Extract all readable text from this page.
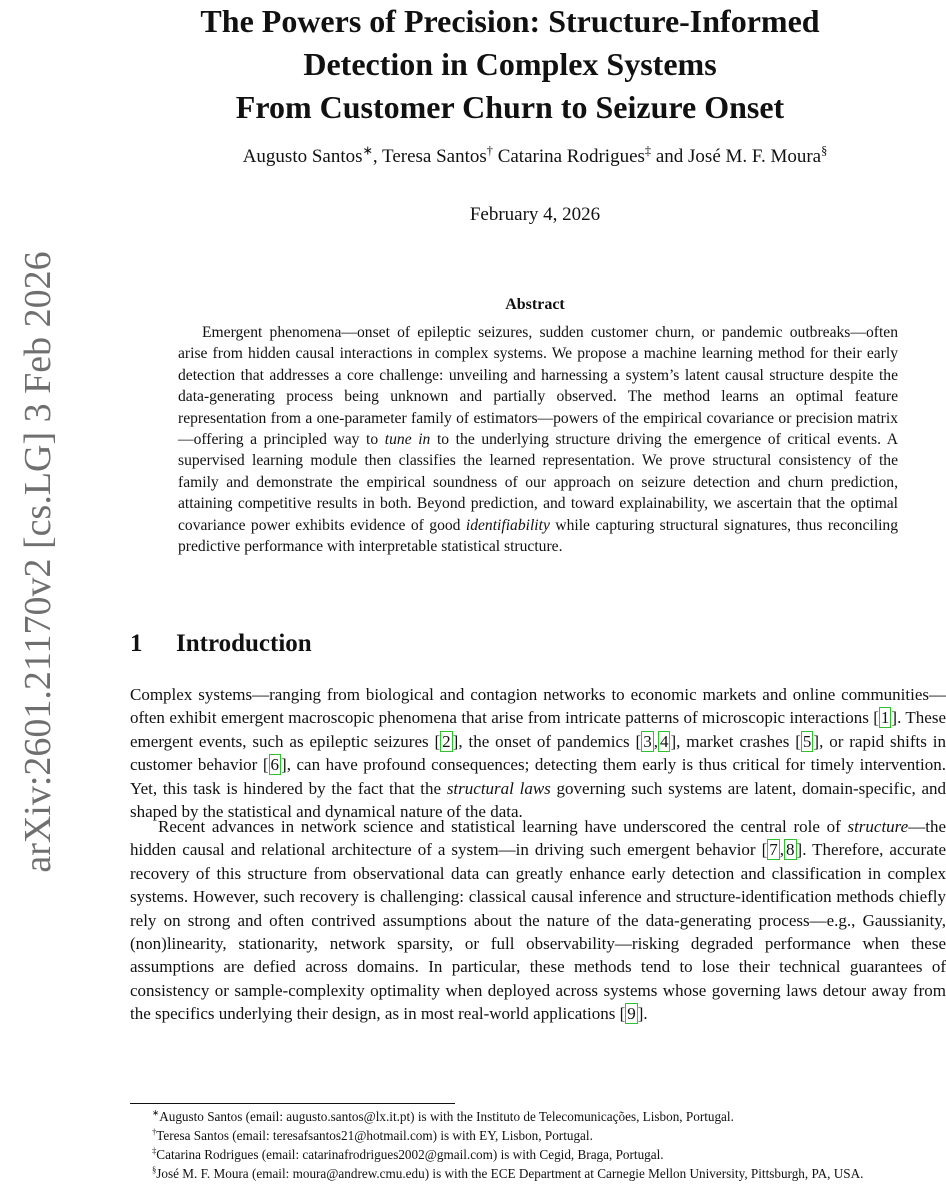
arXiv:2601.21170v2 [cs.LG] 3 Feb 2026
The Powers of Precision: Structure-Informed
Detection in Complex Systems
From Customer Churn to Seizure Onset
Augusto Santos∗, Teresa Santos† Catarina Rodrigues‡ and José M. F. Moura§
February 4, 2026
Abstract
Emergent phenomena—onset of epileptic seizures, sudden customer churn, or pandemic outbreaks—often arise from hidden causal interactions in complex systems. We propose a machine learning method for their early detection that addresses a core challenge: unveiling and harnessing a system’s latent causal structure despite the data-generating process being unknown and partially observed. The method learns an optimal feature representation from a one-parameter family of estimators—powers of the empirical covariance or precision matrix—offering a principled way to tune in to the underlying structure driving the emergence of critical events. A supervised learning module then classifies the learned representation. We prove structural consistency of the family and demonstrate the empirical soundness of our approach on seizure detection and churn prediction, attaining competitive results in both. Beyond prediction, and toward explainability, we ascertain that the optimal covariance power exhibits evidence of good identifiability while capturing structural signatures, thus reconciling predictive performance with interpretable statistical structure.
1 Introduction
Complex systems—ranging from biological and contagion networks to economic markets and online communities—often exhibit emergent macroscopic phenomena that arise from intricate patterns of microscopic interactions [ 1 ]. These emergent events, such as epileptic seizures [ 2 ], the onset of pandemics [ 3 , 4 ], market crashes [ 5 ], or rapid shifts in customer behavior [ 6 ], can have profound consequences; detecting them early is thus critical for timely intervention. Yet, this task is hindered by the fact that the structural laws governing such systems are latent, domain-specific, and shaped by the statistical and dynamical nature of the data.
Recent advances in network science and statistical learning have underscored the central role of structure—the hidden causal and relational architecture of a system—in driving such emergent behavior [ 7 , 8 ]. Therefore, accurate recovery of this structure from observational data can greatly enhance early detection and classification in complex systems. However, such recovery is challenging: classical causal inference and structure-identification methods chiefly rely on strong and often contrived assumptions about the nature of the data-generating process—e.g., Gaussianity, (non)linearity, stationarity, network sparsity, or full observability—risking degraded performance when these assumptions are defied across domains. In particular, these methods tend to lose their technical guarantees of consistency or sample-complexity optimality when deployed across systems whose governing laws detour away from the specifics underlying their design, as in most real-world applications [ 9 ].
∗Augusto Santos (email: augusto.santos@lx.it.pt) is with the Instituto de Telecomunicações, Lisbon, Portugal.
†Teresa Santos (email: teresafsantos21@hotmail.com) is with EY, Lisbon, Portugal.
‡Catarina Rodrigues (email: catarinafrodrigues2002@gmail.com) is with Cegid, Braga, Portugal.
§José M. F. Moura (email: moura@andrew.cmu.edu) is with the ECE Department at Carnegie Mellon University, Pittsburgh, PA, USA.
